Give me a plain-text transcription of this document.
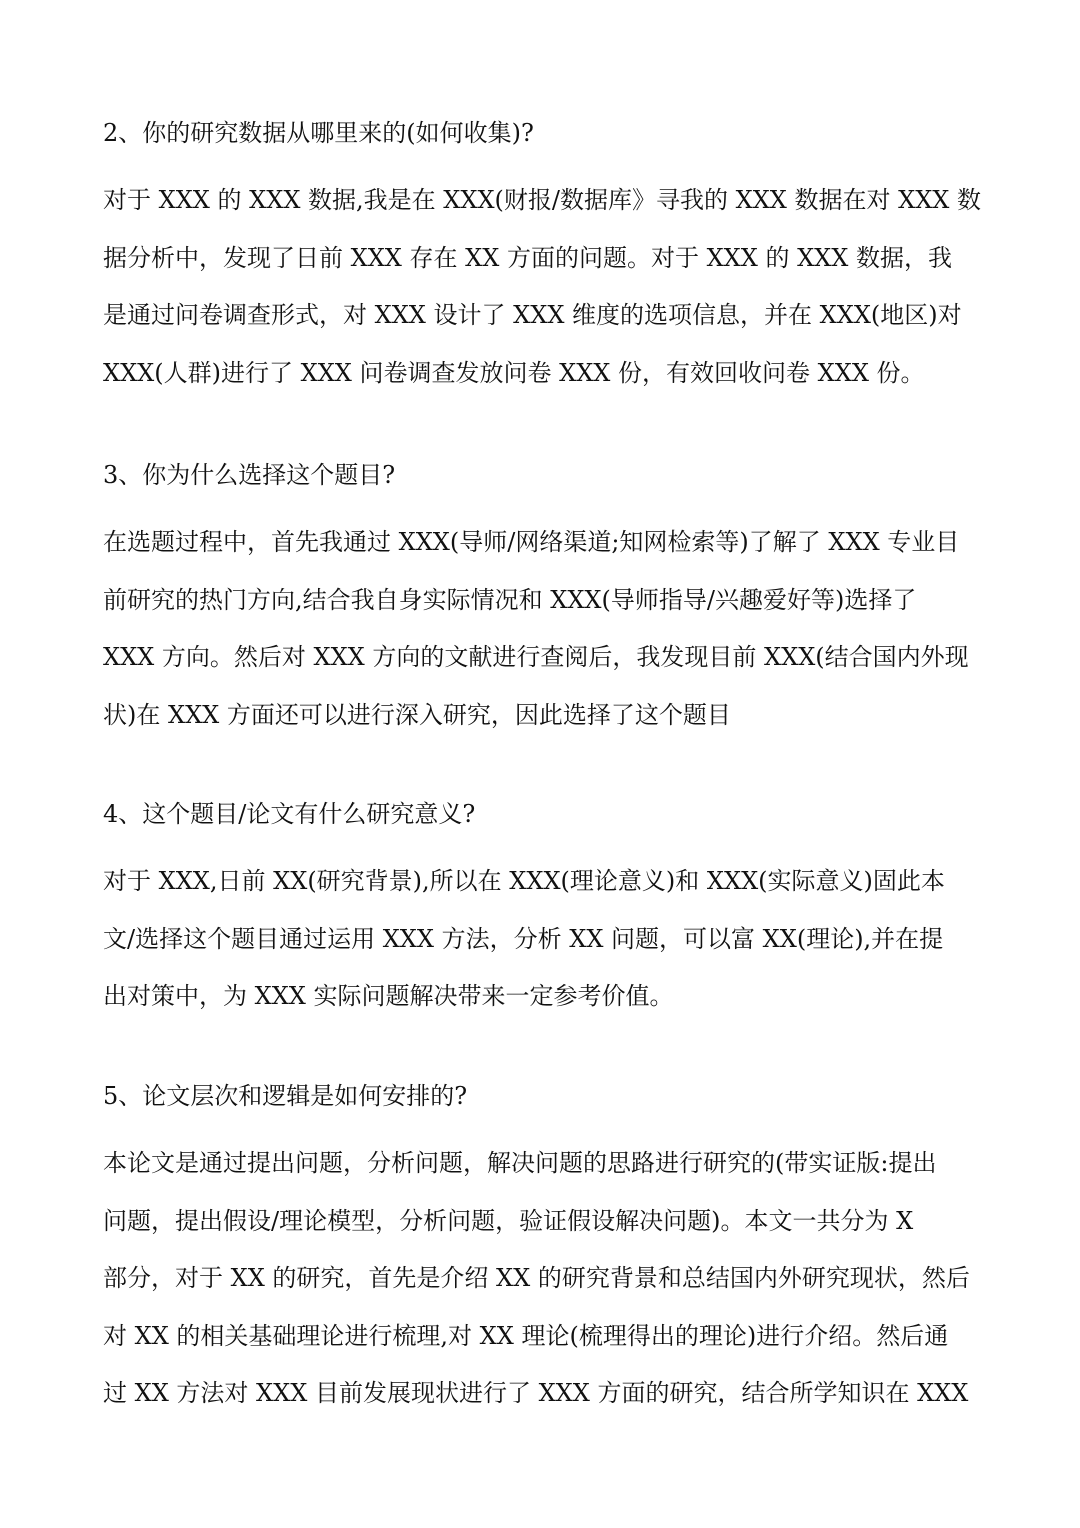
2、你的研究数据从哪里来的(如何收集)?

对于 XXX 的 XXX 数据,我是在 XXX(财报/数据库》寻我的 XXX 数据在对 XXX 数
据分析中，发现了日前 XXX 存在 XX 方面的问题。对于 XXX 的 XXX 数据，我
是通过问卷调查形式，对 XXX 设计了 XXX 维度的选项信息，并在 XXX(地区)对
XXX(人群)进行了 XXX 问卷调查发放问卷 XXX 份，有效回收问卷 XXX 份。

3、你为什么选择这个题目?

在选题过程中，首先我通过 XXX(导师/网络渠道;知网检索等)了解了 XXX 专业目
前研究的热门方向,结合我自身实际情况和 XXX(导师指导/兴趣爱好等)选择了
XXX 方向。然后对 XXX 方向的文献进行查阅后，我发现目前 XXX(结合国内外现
状)在 XXX 方面还可以进行深入研究，因此选择了这个题目

4、这个题目/论文有什么研究意义?

对于 XXX,日前 XX(研究背景),所以在 XXX(理论意义)和 XXX(实际意义)固此本
文/选择这个题目通过运用 XXX 方法，分析 XX 问题，可以富 XX(理论),并在提
出对策中，为 XXX 实际问题解决带来一定参考价值。

5、论文层次和逻辑是如何安排的?

本论文是通过提出问题，分析问题，解决问题的思路进行研究的(带实证版:提出
问题，提出假设/理论模型，分析问题，验证假设解决问题)。本文一共分为 X
部分，对于 XX 的研究，首先是介绍 XX 的研究背景和总结国内外研究现状，然后
对 XX 的相关基础理论进行梳理,对 XX 理论(梳理得出的理论)进行介绍。然后通
过 XX 方法对 XXX 目前发展现状进行了 XXX 方面的研究，结合所学知识在 XXX
